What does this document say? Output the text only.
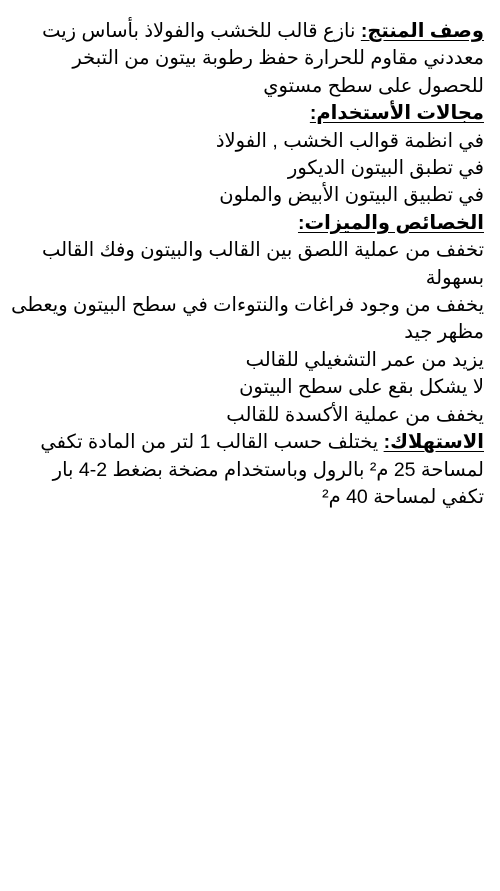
وصف المنتج: نازع قالب للخشب والفولاذ بأساس زيت معددني مقاوم للحرارة حفظ رطوبة بيتون من التبخر للحصول على سطح مستوي

مجالات الأستخدام:
في انظمة قوالب الخشب , الفولاذ
في تطبق البيتون الديكور
في تطبيق البيتون الأبيض والملون
الخصائص والميزات:
تخفف من عملية اللصق بين القالب والبيتون وفك القالب بسهولة
يخفف من وجود فراغات والنتوءات في سطح البيتون ويعطى مظهر جيد
يزيد من عمر التشغيلي للقالب
لا يشكل بقع على سطح البيتون
يخفف من عملية الأكسدة للقالب

الاستهلاك: يختلف حسب القالب 1 لتر من المادة تكفي لمساحة 25 م² بالرول وباستخدام مضخة بضغط 2-4 بار تكفي لمساحة 40 م²
